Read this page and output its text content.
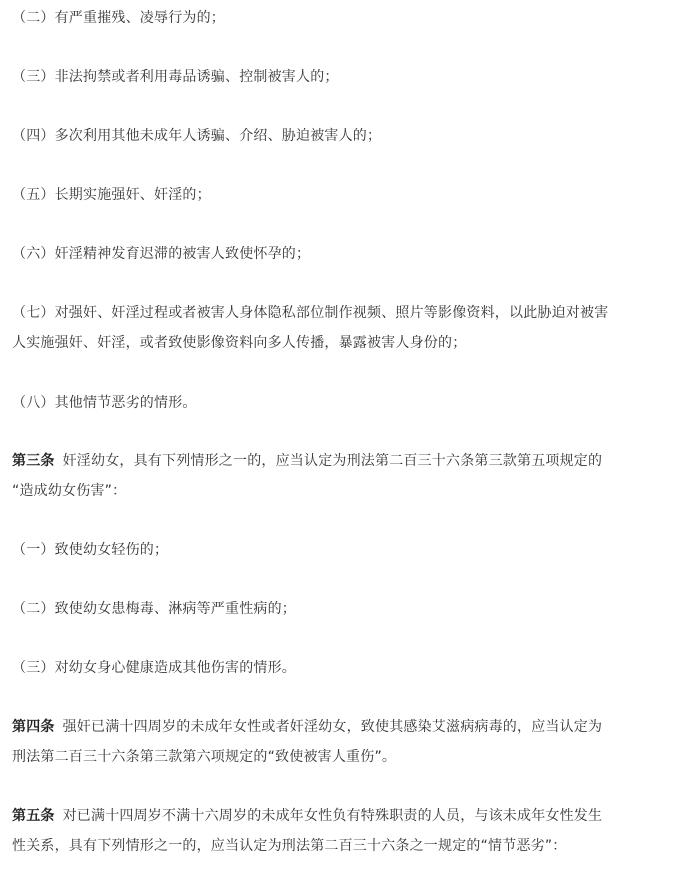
（二）有严重摧残、凌辱行为的；
（三）非法拘禁或者利用毒品诱骗、控制被害人的；
（四）多次利用其他未成年人诱骗、介绍、胁迫被害人的；
（五）长期实施强奸、奸淫的；
（六）奸淫精神发育迟滞的被害人致使怀孕的；
（七）对强奸、奸淫过程或者被害人身体隐私部位制作视频、照片等影像资料，以此胁迫对被害
人实施强奸、奸淫，或者致使影像资料向多人传播，暴露被害人身份的；
（八）其他情节恶劣的情形。
第三条 奸淫幼女，具有下列情形之一的，应当认定为刑法第二百三十六条第三款第五项规定的
“造成幼女伤害”：
（一）致使幼女轻伤的；
（二）致使幼女患梅毒、淋病等严重性病的；
（三）对幼女身心健康造成其他伤害的情形。
第四条 强奸已满十四周岁的未成年女性或者奸淫幼女，致使其感染艾滋病病毒的，应当认定为
刑法第二百三十六条第三款第六项规定的“致使被害人重伤”。
第五条 对已满十四周岁不满十六周岁的未成年女性负有特殊职责的人员，与该未成年女性发生
性关系，具有下列情形之一的，应当认定为刑法第二百三十六条之一规定的“情节恶劣”：
